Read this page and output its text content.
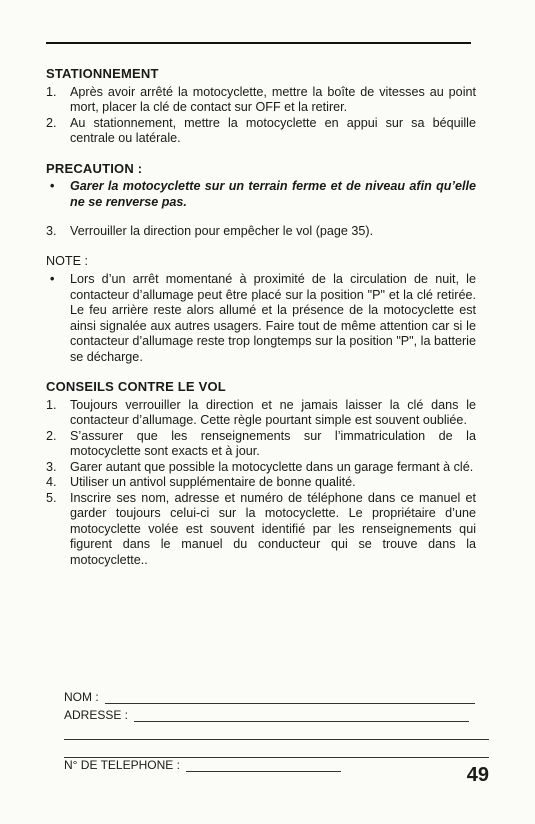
STATIONNEMENT
1. Après avoir arrêté la motocyclette, mettre la boîte de vitesses au point mort, placer la clé de contact sur OFF et la retirer.
2. Au stationnement, mettre la motocyclette en appui sur sa béquille centrale ou latérale.
PRECAUTION :
• Garer la motocyclette sur un terrain ferme et de niveau afin qu’elle ne se renverse pas.
3. Verrouiller la direction pour empêcher le vol (page 35).
NOTE :
• Lors d’un arrêt momentané à proximité de la circulation de nuit, le contacteur d’allumage peut être placé sur la position "P" et la clé retirée. Le feu arrière reste alors allumé et la présence de la motocyclette est ainsi signalée aux autres usagers. Faire tout de même attention car si le contacteur d’allumage reste trop longtemps sur la position "P", la batterie se décharge.
CONSEILS CONTRE LE VOL
1. Toujours verrouiller la direction et ne jamais laisser la clé dans le contacteur d’allumage. Cette règle pourtant simple est souvent oubliée.
2. S’assurer que les renseignements sur l’immatriculation de la motocyclette sont exacts et à jour.
3. Garer autant que possible la motocyclette dans un garage fermant à clé.
4. Utiliser un antivol supplémentaire de bonne qualité.
5. Inscrire ses nom, adresse et numéro de téléphone dans ce manuel et garder toujours celui-ci sur la motocyclette. Le propriétaire d’une motocyclette volée est souvent identifié par les renseignements qui figurent dans le manuel du conducteur qui se trouve dans la motocyclette..
NOM :
ADRESSE :
N° DE TELEPHONE :	49
